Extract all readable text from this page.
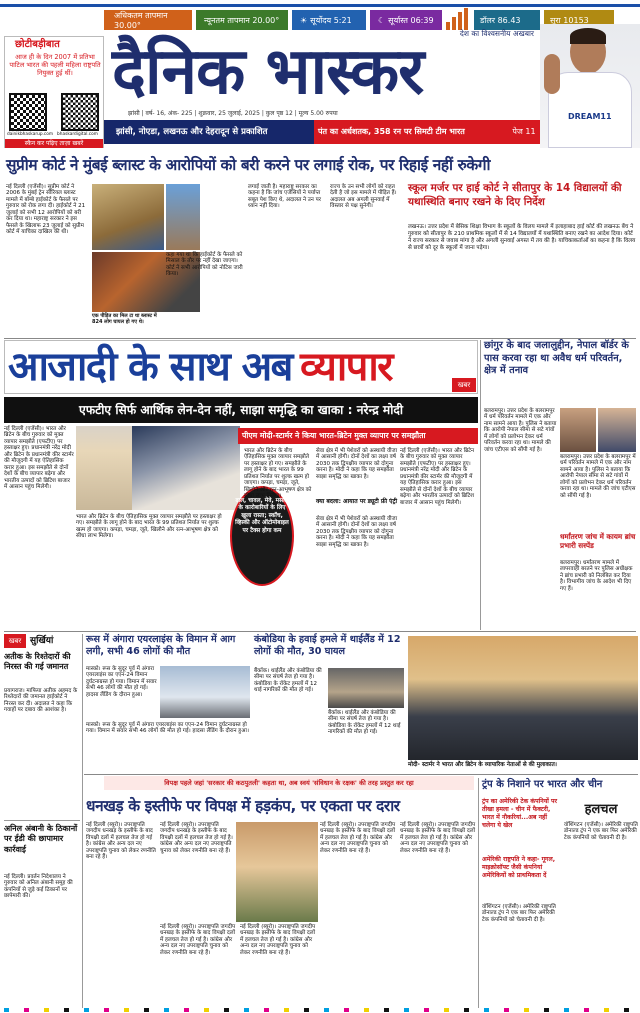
अधिकतम तापमान 30.00°
न्यूनतम तापमान 20.00°	☀ सूर्योदय 5:21	☾ सूर्यास्त 06:39	डॉलर 86.43	सुरा 10153
छोटीबड़ीबात
आज ही के दिन 2007 में प्रतिभा पाटिल भारत की पहली महिला राष्ट्रपति नियुक्त हुई थीं।
dainikbhaskarup.com bhaskardigital.com
स्कैन कर पढ़िए ताज़ा खबरें
दैनिक भास्कर
देश का विश्वसनीय अखबार
झांसी | वर्ष- 16, अंक- 225 | शुक्रवार, 25 जुलाई, 2025 | कुल पृष्ठ 12 | मूल्य 5.00 रुपया	DREAM11
झांसी, नोएडा, लखनऊ और देहरादून से प्रकाशित	पंत का अर्धशतक, 358 रन पर सिमटी टीम भारत	पेज 11
सुप्रीम कोर्ट ने मुंबई ब्लास्ट के आरोपियों को बरी करने पर लगाई रोक, पर रिहाई नहीं रुकेगी
नई दिल्ली (एजेंसी)। सुप्रीम कोर्ट ने 2006 के मुंबई ट्रेन सीरियल ब्लास्ट मामले में बॉम्बे हाईकोर्ट के फैसले पर गुरुवार को रोक लगा दी। हाईकोर्ट ने 21 जुलाई को सभी 12 आरोपियों को बरी कर दिया था। महाराष्ट्र सरकार ने इस फैसले के खिलाफ 23 जुलाई को सुप्रीम कोर्ट में याचिका दाखिल की थी।
एक पीड़ित का मिल टा था ब्लास्ट में 824 लोग घायल हो गए थे।
कहा गया था कि हाईकोर्ट के फैसले को मिसाल के तौर पर नहीं देखा जाएगा। कोर्ट ने सभी आरोपियों को नोटिस जारी किया।
लगाई जाती है। महाराष्ट्र सरकार का कहना है कि जांच एजेंसियों ने पर्याप्त सबूत पेश किए थे, अदालत ने उन पर ध्यान नहीं दिया।
राज्य के उन सभी लोगों को राहत देती है जो इस मामले में पीड़ित हैं। अदालत अब अगली सुनवाई में विस्तार से पक्ष सुनेगी।
स्कूल मर्जर पर हाई कोर्ट ने सीतापुर के 14 विद्यालयों की यथास्थिति बनाए रखने के दिए निर्देश
लखनऊ। उत्तर प्रदेश में बेसिक शिक्षा विभाग के स्कूलों के विलय मामले में इलाहाबाद हाई कोर्ट की लखनऊ बेंच ने गुरुवार को सीतापुर के 210 प्राथमिक स्कूलों में से 14 विद्यालयों में यथास्थिति बनाए रखने का आदेश दिया। कोर्ट ने राज्य सरकार से जवाब मांगा है और अगली सुनवाई अगस्त में तय की है। याचिकाकर्ताओं का कहना है कि विलय से छात्रों को दूर के स्कूलों में जाना पड़ेगा।
आजादी के साथ अब व्यापार	खबर
एफटीए सिर्फ आर्थिक लेन-देन नहीं, साझा समृद्धि का खाका : नरेन्द्र मोदी
नई दिल्ली (एजेंसी)। भारत और ब्रिटेन के बीच गुरुवार को मुक्त व्यापार समझौते (एफटीए) पर हस्ताक्षर हुए। प्रधानमंत्री नरेंद्र मोदी और ब्रिटेन के प्रधानमंत्री कीर स्टार्मर की मौजूदगी में यह ऐतिहासिक करार हुआ। इस समझौते से दोनों देशों के बीच व्यापार बढ़ेगा और भारतीय उत्पादों को ब्रिटिश बाजार में आसान पहुंच मिलेगी।
दाल, चावल, मेवे, मसाले के कारोबारियों के लिए खुला रास्ता; स्कॉच, व्हिस्की और ऑटोमोबाइल पर टैक्स होगा कम
पीएम मोदी-स्टार्मर ने किया भारत-ब्रिटेन मुक्त व्यापार पर समझौता
भारत और ब्रिटेन के बीच ऐतिहासिक मुक्त व्यापार समझौते पर हस्ताक्षर हो गए। समझौते के लागू होने के बाद भारत के 99 प्रतिशत निर्यात पर शुल्क खत्म हो जाएगा। कपड़ा, चमड़ा, जूते, खिलौने और रत्न-आभूषण क्षेत्र को सीधा लाभ मिलेगा।
भारत और ब्रिटेन के बीच ऐतिहासिक मुक्त व्यापार समझौते पर हस्ताक्षर हो गए। समझौते के लागू होने के बाद भारत के 99 प्रतिशत निर्यात पर शुल्क खत्म हो जाएगा। कपड़ा, चमड़ा, जूते, खिलौने और रत्न-आभूषण क्षेत्र को सीधा लाभ मिलेगा।
क्या बदला: आयात पर ड्यूटी फ्री एंट्री
सेवा क्षेत्र में भी पेशेवरों को अस्थायी वीजा में आसानी होगी। दोनों देशों का लक्ष्य वर्ष 2030 तक द्विपक्षीय व्यापार को दोगुना करना है। मोदी ने कहा कि यह समझौता साझा समृद्धि का खाका है।
सेवा क्षेत्र में भी पेशेवरों को अस्थायी वीजा में आसानी होगी। दोनों देशों का लक्ष्य वर्ष 2030 तक द्विपक्षीय व्यापार को दोगुना करना है। मोदी ने कहा कि यह समझौता साझा समृद्धि का खाका है।
नई दिल्ली (एजेंसी)। भारत और ब्रिटेन के बीच गुरुवार को मुक्त व्यापार समझौते (एफटीए) पर हस्ताक्षर हुए। प्रधानमंत्री नरेंद्र मोदी और ब्रिटेन के प्रधानमंत्री कीर स्टार्मर की मौजूदगी में यह ऐतिहासिक करार हुआ। इस समझौते से दोनों देशों के बीच व्यापार बढ़ेगा और भारतीय उत्पादों को ब्रिटिश बाजार में आसान पहुंच मिलेगी।
छांगुर के बाद जलालुद्दीन, नेपाल बॉर्डर के पास करवा रहा था अवैध धर्म परिवर्तन, क्षेत्र में तनाव
बलरामपुर। उत्तर प्रदेश के बलरामपुर में धर्म परिवर्तन मामले में एक और नाम सामने आया है। पुलिस ने बताया कि आरोपी नेपाल सीमा से सटे गांवों में लोगों को प्रलोभन देकर धर्म परिवर्तन करवा रहा था। मामले की जांच एटीएस को सौंपी गई है।
बलरामपुर। उत्तर प्रदेश के बलरामपुर में धर्म परिवर्तन मामले में एक और नाम सामने आया है। पुलिस ने बताया कि आरोपी नेपाल सीमा से सटे गांवों में लोगों को प्रलोभन देकर धर्म परिवर्तन करवा रहा था। मामले की जांच एटीएस को सौंपी गई है।
धर्मांतरण जांच में कायम ब्रांच प्रभारी सस्पेंड
बलरामपुर। धर्मांतरण मामले में लापरवाही बरतने पर पुलिस अधीक्षक ने ब्रांच प्रभारी को निलंबित कर दिया है। विभागीय जांच के आदेश भी दिए गए हैं।
खबर सुर्खियां
अतीक के रिश्तेदारों की निरस्त की गई जमानत
प्रयागराज। माफिया अतीक अहमद के रिश्तेदारों की जमानत हाईकोर्ट ने निरस्त कर दी। अदालत ने कहा कि गवाहों पर दबाव की आशंका है।
अनिल अंबानी के ठिकानों पर ईडी की छापामार कार्रवाई
नई दिल्ली। प्रवर्तन निदेशालय ने गुरुवार को अनिल अंबानी समूह की कंपनियों से जुड़े कई ठिकानों पर छापेमारी की।
रूस में अंगारा एयरलाइंस के विमान में आग लगी, सभी 46 लोगों की मौत
मास्को। रूस के सुदूर पूर्व में अंगारा एयरलाइंस का एएन-24 विमान दुर्घटनाग्रस्त हो गया। विमान में सवार सभी 46 लोगों की मौत हो गई। हादसा लैंडिंग के दौरान हुआ।
मास्को। रूस के सुदूर पूर्व में अंगारा एयरलाइंस का एएन-24 विमान दुर्घटनाग्रस्त हो गया। विमान में सवार सभी 46 लोगों की मौत हो गई। हादसा लैंडिंग के दौरान हुआ।
कंबोडिया के हवाई हमले में थाईलैंड में 12 लोगों की मौत, 30 घायल
बैंकॉक। थाईलैंड और कंबोडिया की सीमा पर संघर्ष तेज हो गया है। कंबोडिया के रॉकेट हमलों में 12 थाई नागरिकों की मौत हो गई।
बैंकॉक। थाईलैंड और कंबोडिया की सीमा पर संघर्ष तेज हो गया है। कंबोडिया के रॉकेट हमलों में 12 थाई नागरिकों की मौत हो गई।
मोदी- स्टार्मर ने भारत और ब्रिटेन के व्यापारिक नेताओं से की मुलाकात।
विपक्ष पहले जहां 'सरकार की कठपुतली' कहता था, अब स्वयं 'संविधान के रक्षक' की तरह प्रस्तुत कर रहा
धनखड़ के इस्तीफे पर विपक्ष में हड़कंप, पर एकता पर दरार
नई दिल्ली (ब्यूरो)। उपराष्ट्रपति जगदीप धनखड़ के इस्तीफे के बाद विपक्षी दलों में हलचल तेज हो गई है। कांग्रेस और अन्य दल नए उपराष्ट्रपति चुनाव को लेकर रणनीति बना रहे हैं।
नई दिल्ली (ब्यूरो)। उपराष्ट्रपति जगदीप धनखड़ के इस्तीफे के बाद विपक्षी दलों में हलचल तेज हो गई है। कांग्रेस और अन्य दल नए उपराष्ट्रपति चुनाव को लेकर रणनीति बना रहे हैं।
नई दिल्ली (ब्यूरो)। उपराष्ट्रपति जगदीप धनखड़ के इस्तीफे के बाद विपक्षी दलों में हलचल तेज हो गई है। कांग्रेस और अन्य दल नए उपराष्ट्रपति चुनाव को लेकर रणनीति बना रहे हैं।
नई दिल्ली (ब्यूरो)। उपराष्ट्रपति जगदीप धनखड़ के इस्तीफे के बाद विपक्षी दलों में हलचल तेज हो गई है। कांग्रेस और अन्य दल नए उपराष्ट्रपति चुनाव को लेकर रणनीति बना रहे हैं।
नई दिल्ली (ब्यूरो)। उपराष्ट्रपति जगदीप धनखड़ के इस्तीफे के बाद विपक्षी दलों में हलचल तेज हो गई है। कांग्रेस और अन्य दल नए उपराष्ट्रपति चुनाव को लेकर रणनीति बना रहे हैं।
नई दिल्ली (ब्यूरो)। उपराष्ट्रपति जगदीप धनखड़ के इस्तीफे के बाद विपक्षी दलों में हलचल तेज हो गई है। कांग्रेस और अन्य दल नए उपराष्ट्रपति चुनाव को लेकर रणनीति बना रहे हैं।
ट्रंप के निशाने पर भारत और चीन
ट्रंप का अमेरिकी टेक कंपनियों पर तीखा हमला - चीन में फैक्टरी, भारत में नौकरियां...अब नहीं चलेगा ये खेल
अमेरिकी राष्ट्रपति ने कहा- गूगल, माइक्रोसॉफ्ट जैसी कंपनियां अमेरिकियों को प्राथमिकता दें
वॉशिंगटन (एजेंसी)। अमेरिकी राष्ट्रपति डोनाल्ड ट्रंप ने एक बार फिर अमेरिकी टेक कंपनियों को चेतावनी दी है।
हलचल
वॉशिंगटन (एजेंसी)। अमेरिकी राष्ट्रपति डोनाल्ड ट्रंप ने एक बार फिर अमेरिकी टेक कंपनियों को चेतावनी दी है।
